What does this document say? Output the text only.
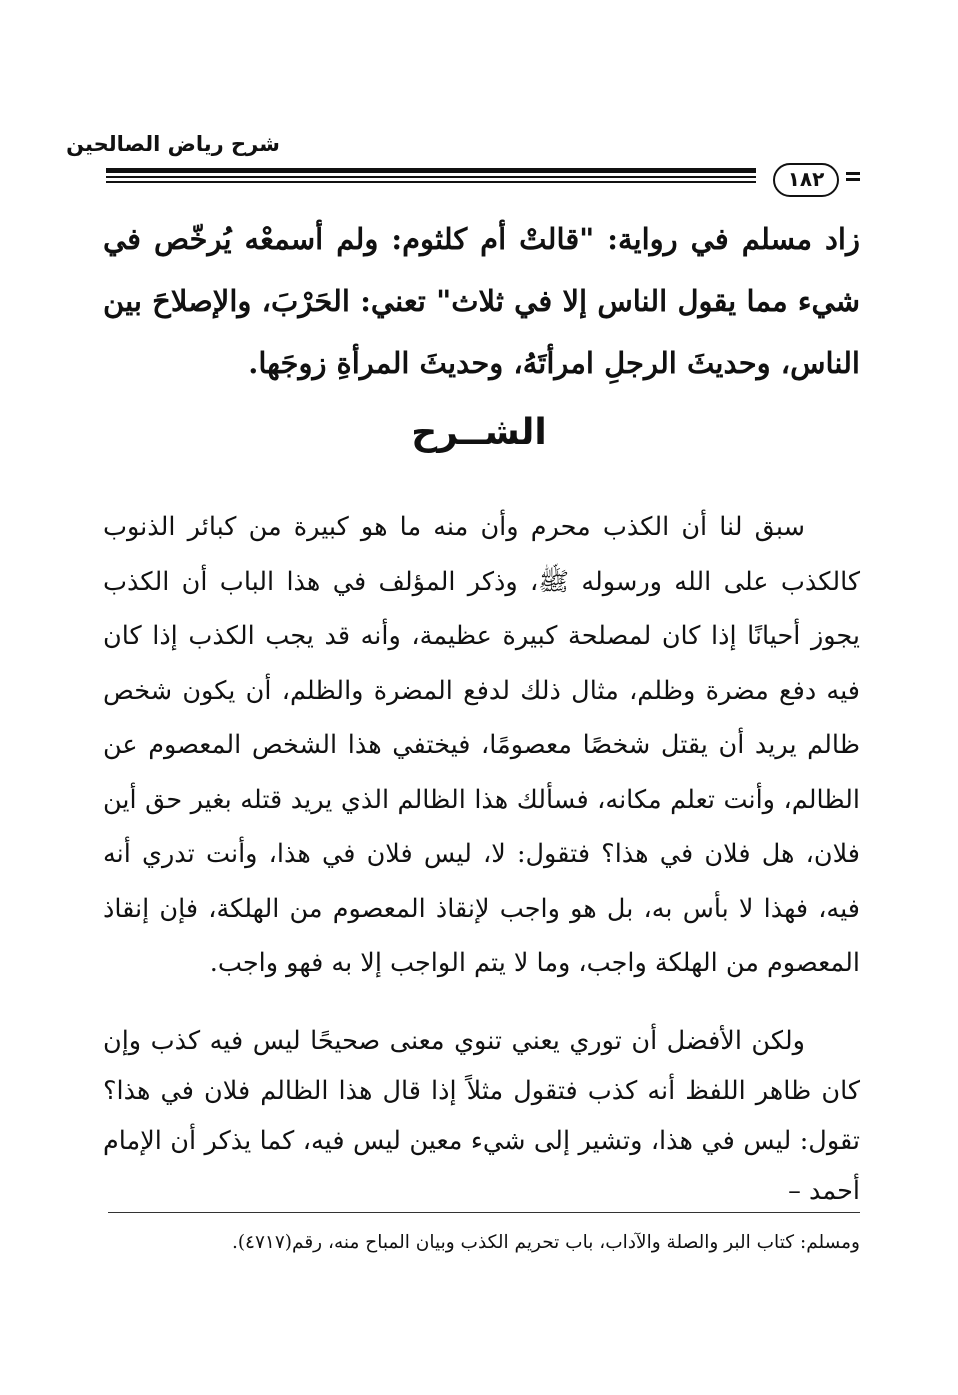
شرح رياض الصالحين
١٨٢

زاد مسلم في رواية: "قالتْ أم كلثوم: ولم أسمعْه يُرخّص في شيء مما يقول الناس إلا في ثلاث" تعني: الحَرْبَ، والإصلاحَ بين الناس، وحديثَ الرجلِ امرأتَهُ، وحديثَ المرأةِ زوجَها.

الشــرح

سبق لنا أن الكذب محرم وأن منه ما هو كبيرة من كبائر الذنوب كالكذب على الله ورسوله ﷺ، وذكر المؤلف في هذا الباب أن الكذب يجوز أحيانًا إذا كان لمصلحة كبيرة عظيمة، وأنه قد يجب الكذب إذا كان فيه دفع مضرة وظلم، مثال ذلك لدفع المضرة والظلم، أن يكون شخص ظالم يريد أن يقتل شخصًا معصومًا، فيختفي هذا الشخص المعصوم عن الظالم، وأنت تعلم مكانه، فسألك هذا الظالم الذي يريد قتله بغير حق أين فلان، هل فلان في هذا؟ فتقول: لا، ليس فلان في هذا، وأنت تدري أنه فيه، فهذا لا بأس به، بل هو واجب لإنقاذ المعصوم من الهلكة، فإن إنقاذ المعصوم من الهلكة واجب، وما لا يتم الواجب إلا به فهو واجب.

ولكن الأفضل أن توري يعني تنوي معنى صحيحًا ليس فيه كذب وإن كان ظاهر اللفظ أنه كذب فتقول مثلاً إذا قال هذا الظالم فلان في هذا؟ تقول: ليس في هذا، وتشير إلى شيء معين ليس فيه، كما يذكر أن الإمام أحمد –

ومسلم: كتاب البر والصلة والآداب، باب تحريم الكذب وبيان المباح منه، رقم(٤٧١٧).
